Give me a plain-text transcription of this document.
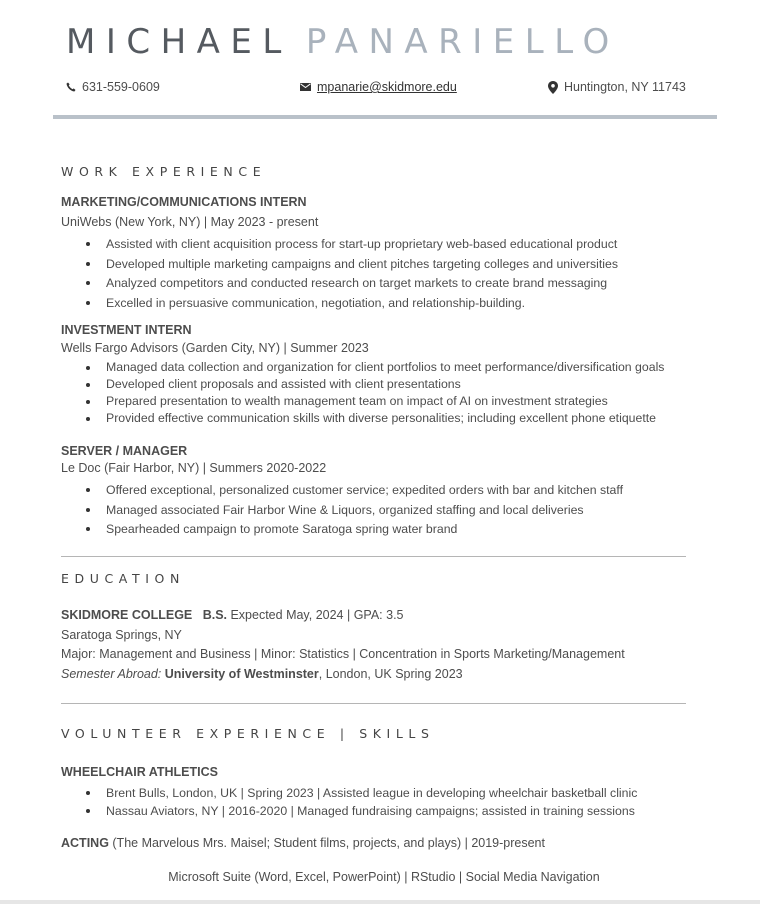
MICHAEL PANARIELLO
631-559-0609	mpanarie@skidmore.edu	Huntington, NY 11743
WORK EXPERIENCE
MARKETING/COMMUNICATIONS INTERN
UniWebs (New York, NY) | May 2023 - present
Assisted with client acquisition process for start-up proprietary web-based educational product
Developed multiple marketing campaigns and client pitches targeting colleges and universities
Analyzed competitors and conducted research on target markets to create brand messaging
Excelled in persuasive communication, negotiation, and relationship-building.
INVESTMENT INTERN
Wells Fargo Advisors (Garden City, NY) | Summer 2023
Managed data collection and organization for client portfolios to meet performance/diversification goals
Developed client proposals and assisted with client presentations
Prepared presentation to wealth management team on impact of AI on investment strategies
Provided effective communication skills with diverse personalities; including excellent phone etiquette
SERVER / MANAGER
Le Doc (Fair Harbor, NY) | Summers 2020-2022
Offered exceptional, personalized customer service; expedited orders with bar and kitchen staff
Managed associated Fair Harbor Wine & Liquors, organized staffing and local deliveries
Spearheaded campaign to promote Saratoga spring water brand
EDUCATION
SKIDMORE COLLEGE B.S. Expected May, 2024 | GPA: 3.5
Saratoga Springs, NY
Major: Management and Business | Minor: Statistics | Concentration in Sports Marketing/Management
Semester Abroad: University of Westminster, London, UK Spring 2023
VOLUNTEER EXPERIENCE | SKILLS
WHEELCHAIR ATHLETICS
Brent Bulls, London, UK | Spring 2023 | Assisted league in developing wheelchair basketball clinic
Nassau Aviators, NY | 2016-2020 | Managed fundraising campaigns; assisted in training sessions
ACTING (The Marvelous Mrs. Maisel; Student films, projects, and plays) | 2019-present
Microsoft Suite (Word, Excel, PowerPoint) | RStudio | Social Media Navigation
